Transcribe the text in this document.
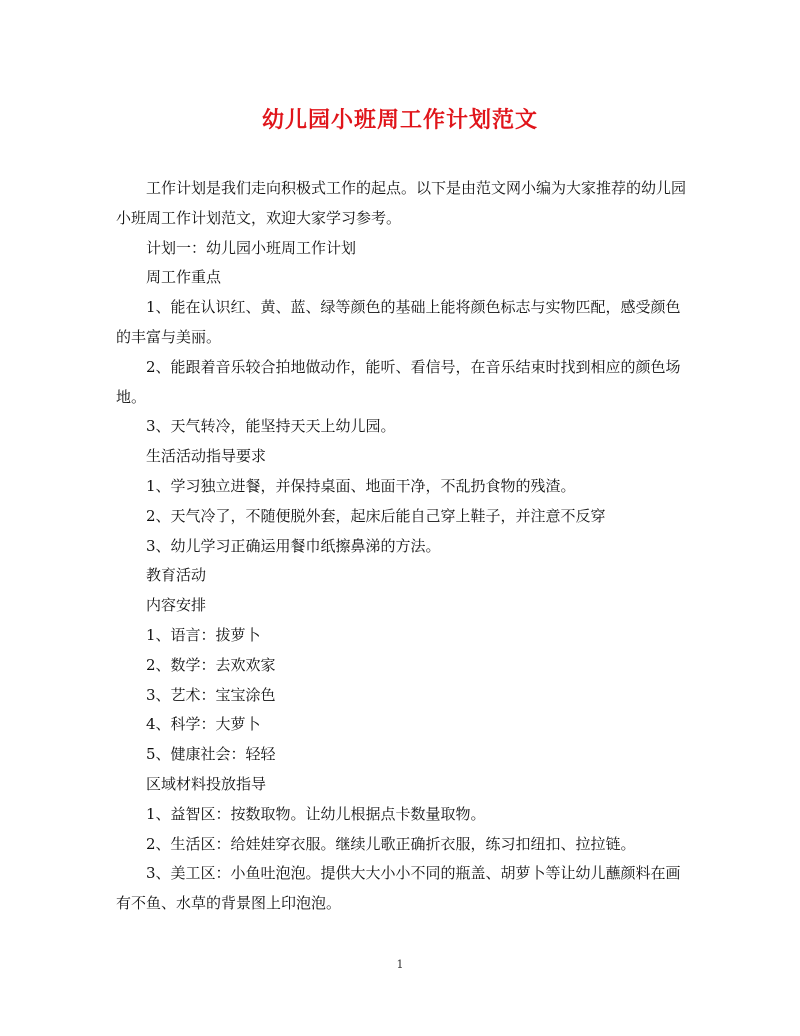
幼儿园小班周工作计划范文

工作计划是我们走向积极式工作的起点。以下是由范文网小编为大家推荐的幼儿园小班周工作计划范文，欢迎大家学习参考。

计划一：幼儿园小班周工作计划

周工作重点

1、能在认识红、黄、蓝、绿等颜色的基础上能将颜色标志与实物匹配，感受颜色的丰富与美丽。

2、能跟着音乐较合拍地做动作，能听、看信号，在音乐结束时找到相应的颜色场地。

3、天气转冷，能坚持天天上幼儿园。

生活活动指导要求

1、学习独立进餐，并保持桌面、地面干净，不乱扔食物的残渣。

2、天气冷了，不随便脱外套，起床后能自己穿上鞋子，并注意不反穿

3、幼儿学习正确运用餐巾纸擦鼻涕的方法。

教育活动

内容安排

1、语言：拔萝卜

2、数学：去欢欢家

3、艺术：宝宝涂色

4、科学：大萝卜

5、健康社会：轻轻

区域材料投放指导

1、益智区：按数取物。让幼儿根据点卡数量取物。

2、生活区：给娃娃穿衣服。继续儿歌正确折衣服，练习扣纽扣、拉拉链。

3、美工区：小鱼吐泡泡。提供大大小小不同的瓶盖、胡萝卜等让幼儿蘸颜料在画有不鱼、水草的背景图上印泡泡。

1
